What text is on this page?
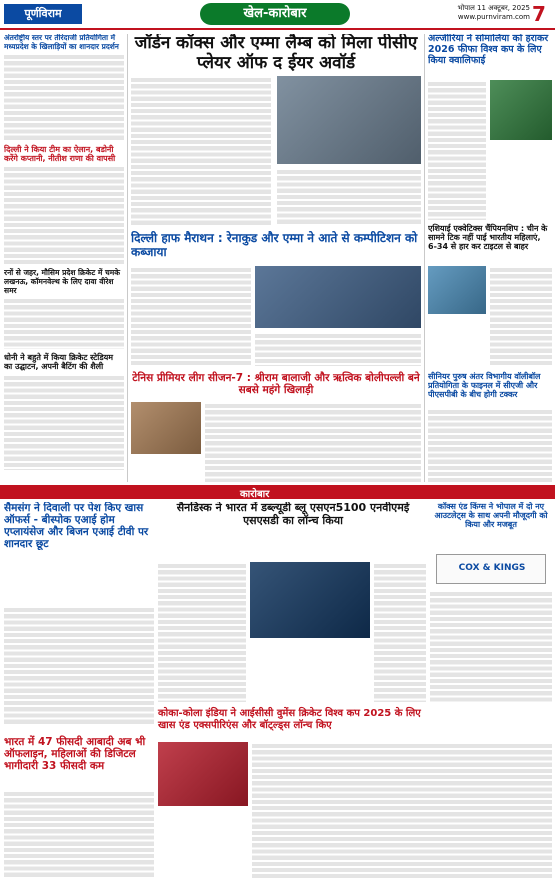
पूर्णविराम	खेल-कारोबार	भोपाल 11 अक्टूबर, 2025
www.purnviram.com 7
अंतर्राष्ट्रीय स्तर पर तीरंदाजी प्रतियोगिता में मध्यप्रदेश के खिलाड़ियों का शानदार प्रदर्शन
दिल्ली ने किया टीम का ऐलान, बडोनी करेंगे कप्तानी, नीतीश राणा की वापसी
रनों से जहर, मौसिम प्रदेश क्रिकेट में चमके लखनऊ, कॉमनवेल्थ के लिए दावा वीरेश समर
धोनी ने बहुते में किया क्रिकेट स्टेडियम का उद्घाटन, अपनी बैटिंग की शैली
जॉर्डन कॉक्स और एम्मा लैम्ब को मिला पीसीए प्लेयर ऑफ द ईयर अवॉर्ड
दिल्ली हाफ मैराथन : रेनाकुड और एम्मा ने आते से कम्पीटिशन को कब्जाया
टेनिस प्रीमियर लीग सीजन-7 : श्रीराम बालाजी और ऋत्विक बोलीपल्ली बने सबसे महंगे खिलाड़ी
अल्जीरिया ने सोमालिया को हराकर 2026 फीफा विश्व कप के लिए किया क्वालिफाई
एशियाई एक्वेटिक्स चैंपियनशिप : चीन के सामने टिक नहीं पाई भारतीय महिलाएं, 6-34 से हार कर टाइटल से बाहर
सीनियर पुरुष अंतर विभागीय वॉलीबॉल प्रतियोगिता के फाइनल में सीएजी और पीएसपीबी के बीच होगी टक्कर
कारोबार
सैमसंग ने दिवाली पर पेश किए खास ऑफर्स - बीस्पोक एआई होम एप्लायंसेज और बिजन एआई टीवी पर शानदार छूट
भारत में 47 फीसदी आबादी अब भी ऑफलाइन, महिलाओं की डिजिटल भागीदारी 33 फीसदी कम
सैनडिस्क ने भारत में डब्ल्यूडी ब्लू एसएन5100 एनवीएमई एसएसडी का लॉन्च किया
कोका-कोला इंडिया ने आईसीसी वुमेंस क्रिकेट विश्व कप 2025 के लिए खास एंड एक्सपीरिएंस और बॉट्ल्ड्स लॉन्च किए
कॉक्स एंड किंग्स ने भोपाल में दो नए आउटलेट्स के साथ अपनी मौजूदगी को किया और मजबूत
COX & KINGS
